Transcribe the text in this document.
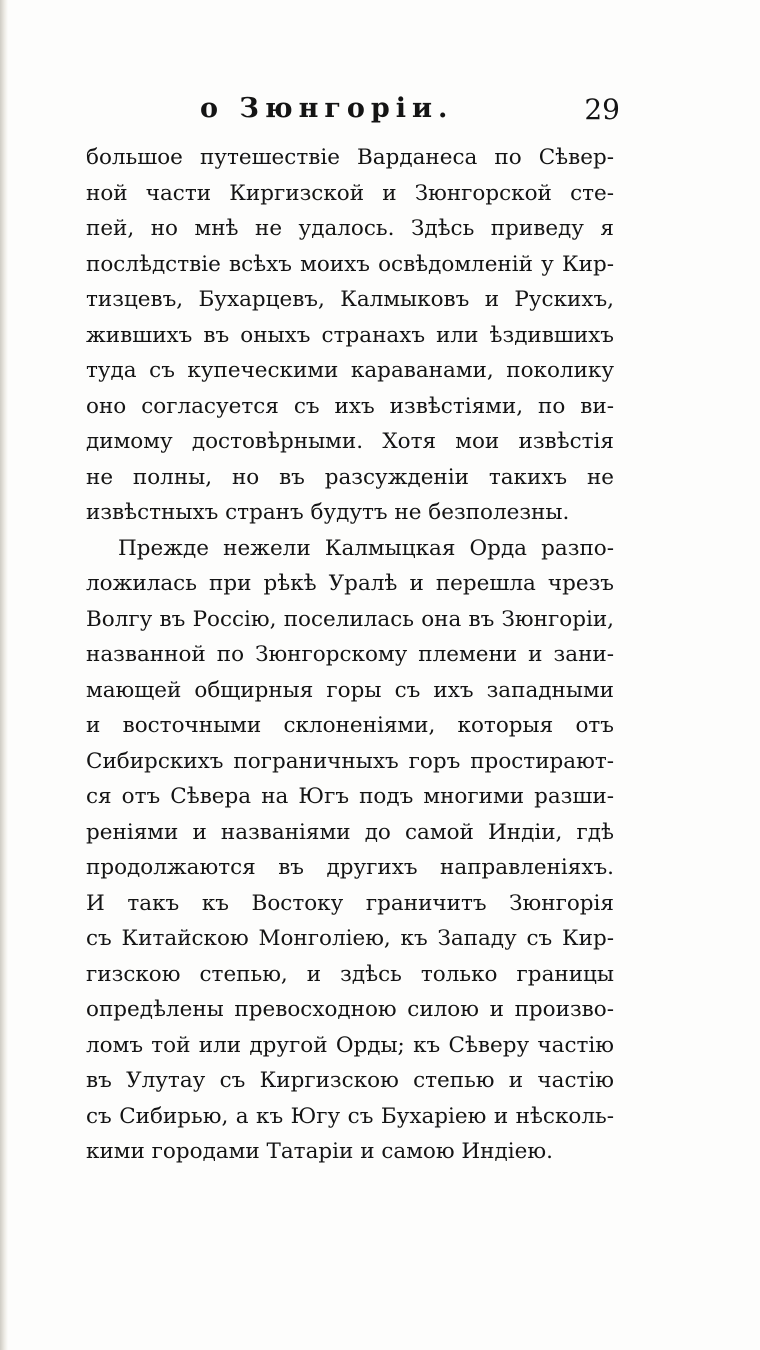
о Зюнгоріи.	29
большое путешествіе Варданеса по Сѣвер-
ной части Киргизской и Зюнгорской сте-
пей, но мнѣ не удалось. Здѣсь приведу я
послѣдствіе всѣхъ моихъ освѣдомленій у Кир-
тизцевъ, Бухарцевъ, Калмыковъ и Рускихъ,
жившихъ въ оныхъ странахъ или ѣздившихъ
туда съ купеческими караванами, поколику
оно согласуется съ ихъ извѣстіями, по ви-
димому достовѣрными. Хотя мои извѣстія
не полны, но въ разсужденіи такихъ не
извѣстныхъ странъ будутъ не безполезны.
Прежде нежели Калмыцкая Орда разпо-
ложилась при рѣкѣ Уралѣ и перешла чрезъ
Волгу въ Россію, поселилась она въ Зюнгоріи,
названной по Зюнгорскому племени и зани-
мающей общирныя горы съ ихъ западными
и восточными склоненіями, которыя отъ
Сибирскихъ пограничныхъ горъ простирают-
ся отъ Сѣвера на Югъ подъ многими разши-
реніями и названіями до самой Индіи, гдѣ
продолжаются въ другихъ направленіяхъ.
И такъ къ Востоку граничитъ Зюнгорія
съ Китайскою Монголіею, къ Западу съ Кир-
гизскою степью, и здѣсь только границы
опредѣлены превосходною силою и произво-
ломъ той или другой Орды; къ Сѣверу частію
въ Улутау съ Киргизскою степью и частію
съ Сибирью, а къ Югу съ Бухаріею и нѣсколь-
кими городами Татаріи и самою Индіею.
